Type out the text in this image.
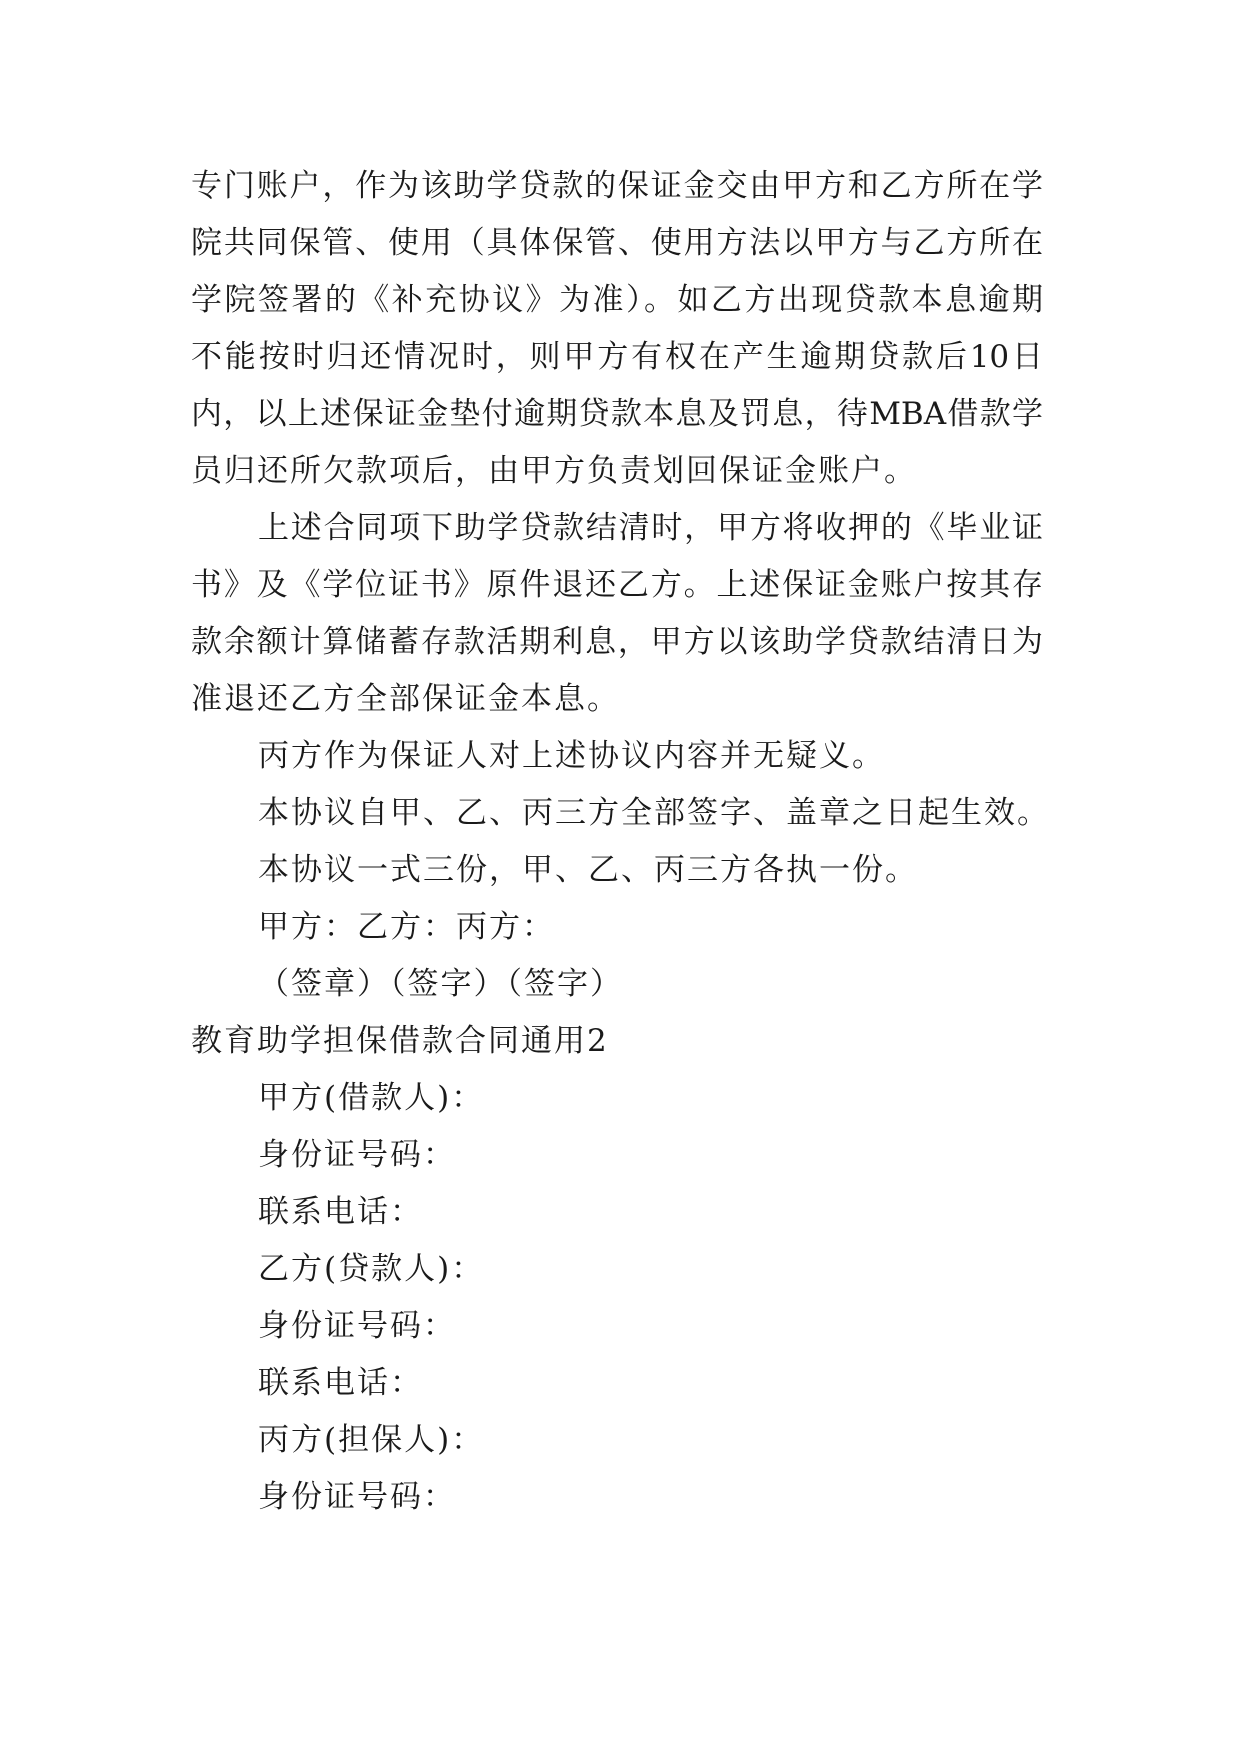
专门账户，作为该助学贷款的保证金交由甲方和乙方所在学
院共同保管、使用（具体保管、使用方法以甲方与乙方所在
学院签署的《补充协议》为准）。如乙方出现贷款本息逾期
不能按时归还情况时，则甲方有权在产生逾期贷款后10日
内，以上述保证金垫付逾期贷款本息及罚息，待MBA借款学
员归还所欠款项后，由甲方负责划回保证金账户。
上述合同项下助学贷款结清时，甲方将收押的《毕业证
书》及《学位证书》原件退还乙方。上述保证金账户按其存
款余额计算储蓄存款活期利息，甲方以该助学贷款结清日为
准退还乙方全部保证金本息。
丙方作为保证人对上述协议内容并无疑义。
本协议自甲、乙、丙三方全部签字、盖章之日起生效。
本协议一式三份，甲、乙、丙三方各执一份。
甲方：乙方：丙方：
（签章）（签字）（签字）
教育助学担保借款合同通用2
甲方(借款人)：
身份证号码：
联系电话：
乙方(贷款人)：
身份证号码：
联系电话：
丙方(担保人)：
身份证号码：
